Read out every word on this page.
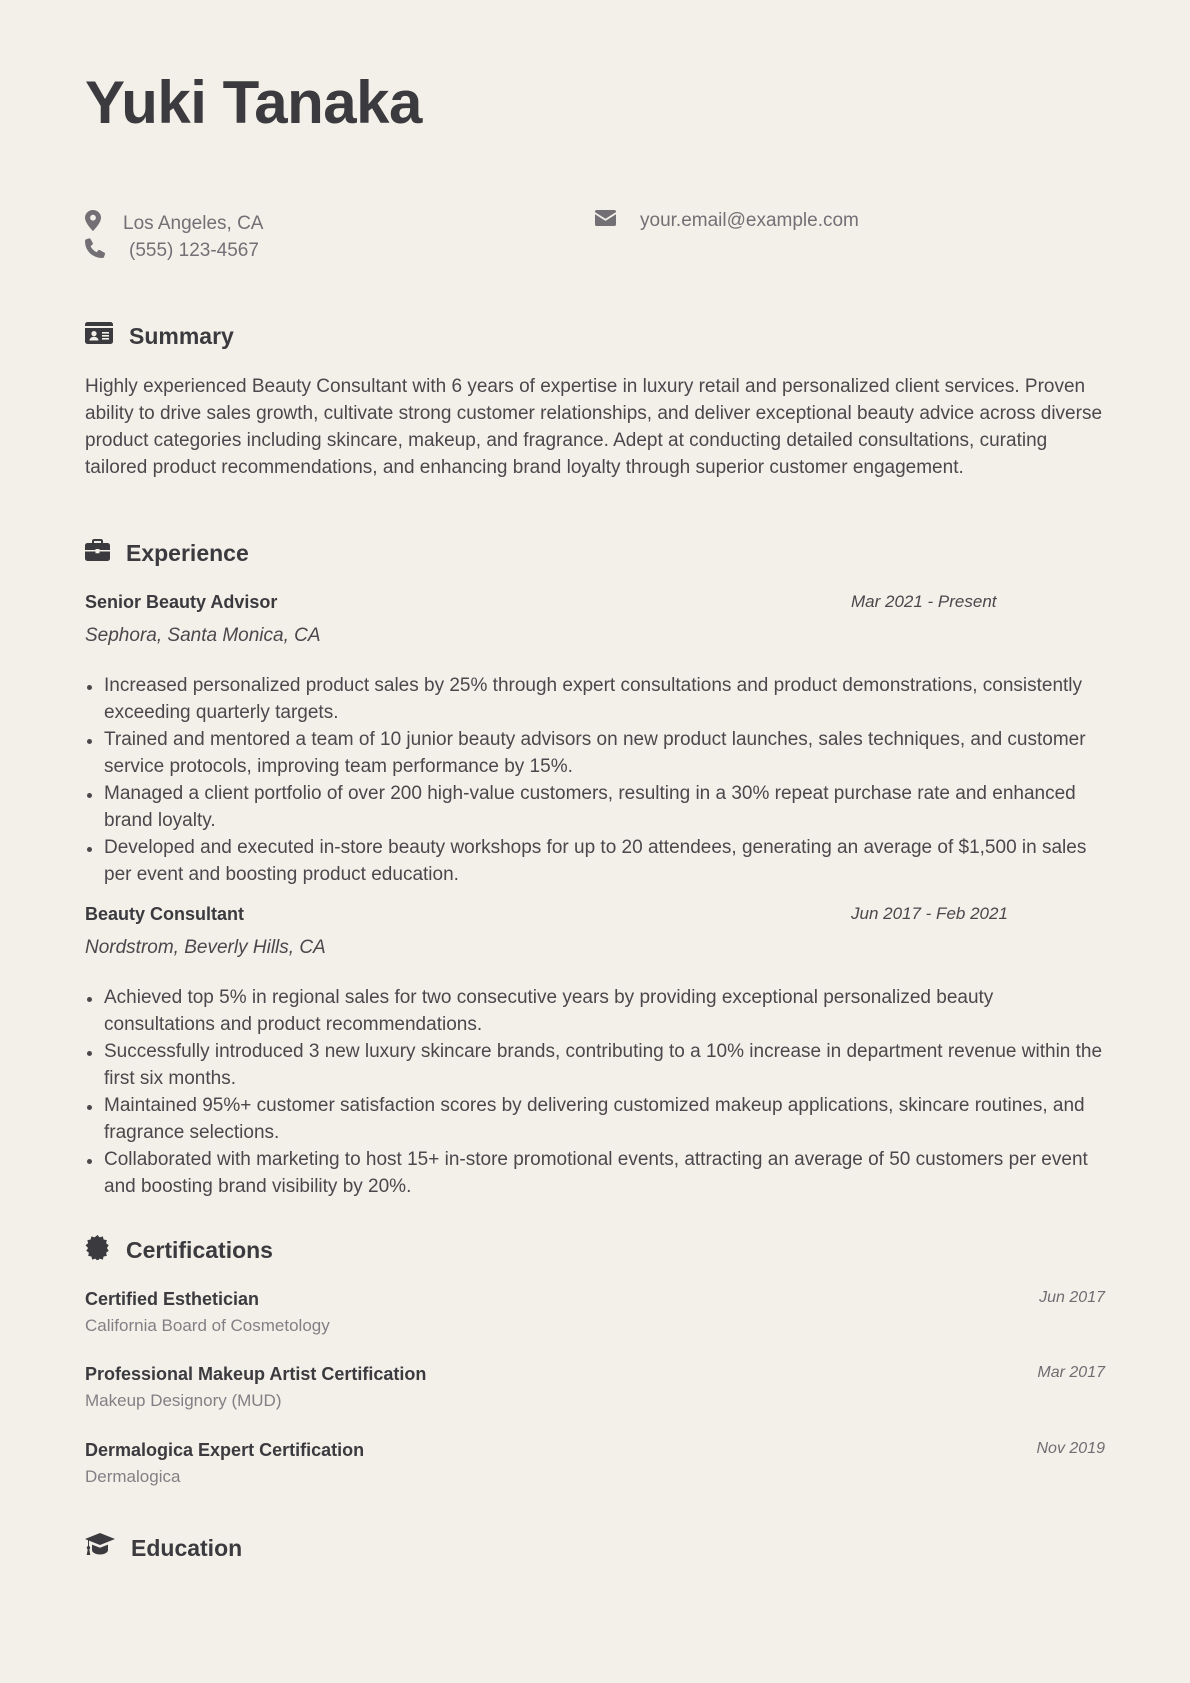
Yuki Tanaka
Los Angeles, CA
(555) 123-4567
your.email@example.com
Summary

Highly experienced Beauty Consultant with 6 years of expertise in luxury retail and personalized client services. Proven ability to drive sales growth, cultivate strong customer relationships, and deliver exceptional beauty advice across diverse product categories including skincare, makeup, and fragrance. Adept at conducting detailed consultations, curating tailored product recommendations, and enhancing brand loyalty through superior customer engagement.

Experience
Senior Beauty Advisor	Mar 2021 - Present
Sephora, Santa Monica, CA
Increased personalized product sales by 25% through expert consultations and product demonstrations, consistently exceeding quarterly targets.
Trained and mentored a team of 10 junior beauty advisors on new product launches, sales techniques, and customer service protocols, improving team performance by 15%.
Managed a client portfolio of over 200 high-value customers, resulting in a 30% repeat purchase rate and enhanced brand loyalty.
Developed and executed in-store beauty workshops for up to 20 attendees, generating an average of $1,500 in sales per event and boosting product education.
Beauty Consultant	Jun 2017 - Feb 2021
Nordstrom, Beverly Hills, CA
Achieved top 5% in regional sales for two consecutive years by providing exceptional personalized beauty consultations and product recommendations.
Successfully introduced 3 new luxury skincare brands, contributing to a 10% increase in department revenue within the first six months.
Maintained 95%+ customer satisfaction scores by delivering customized makeup applications, skincare routines, and fragrance selections.
Collaborated with marketing to host 15+ in-store promotional events, attracting an average of 50 customers per event and boosting brand visibility by 20%.
Certifications
Certified Esthetician
California Board of Cosmetology
Jun 2017
Professional Makeup Artist Certification
Makeup Designory (MUD)
Mar 2017
Dermalogica Expert Certification
Dermalogica
Nov 2019
Education
